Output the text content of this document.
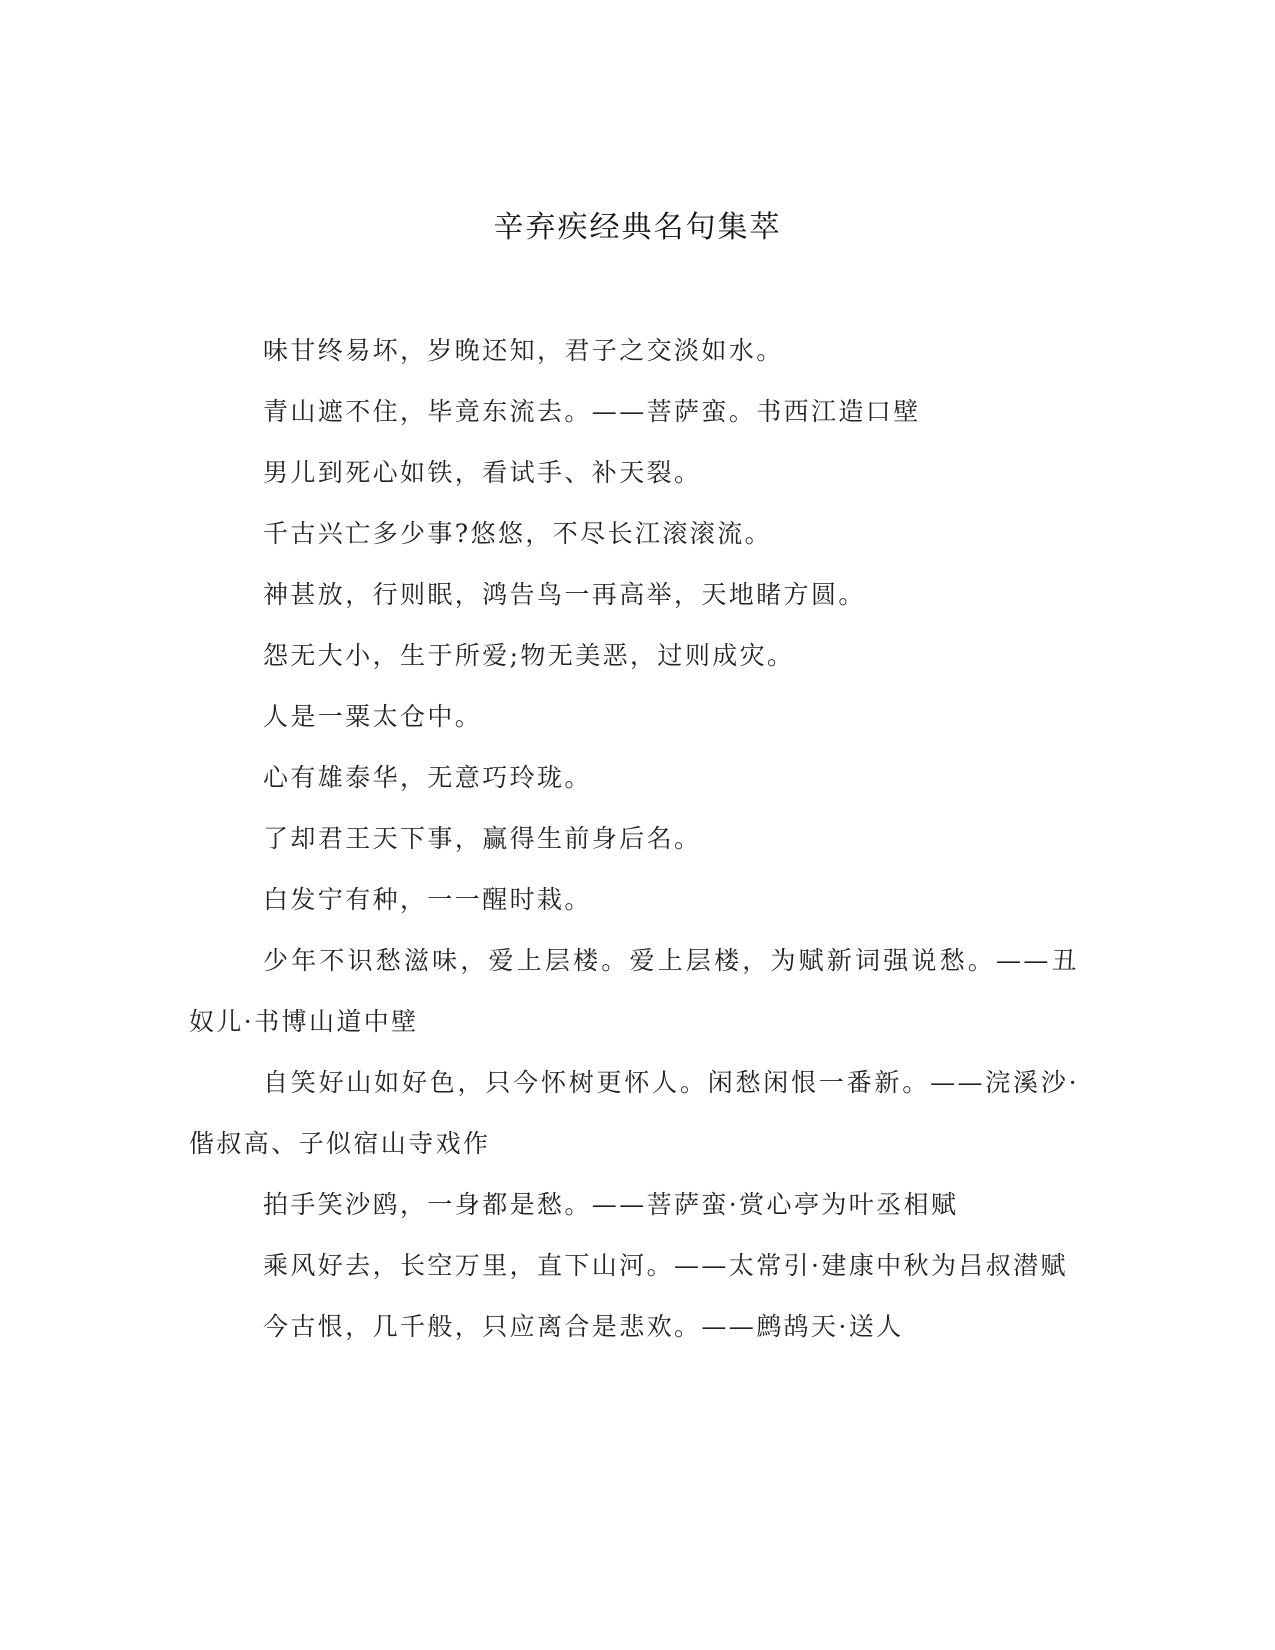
辛弃疾经典名句集萃

味甘终易坏，岁晚还知，君子之交淡如水。

青山遮不住，毕竟东流去。——菩萨蛮。书西江造口壁

男儿到死心如铁，看试手、补天裂。

千古兴亡多少事?悠悠，不尽长江滚滚流。

神甚放，行则眠，鸿告鸟一再高举，天地睹方圆。

怨无大小，生于所爱;物无美恶，过则成灾。

人是一粟太仓中。

心有雄泰华，无意巧玲珑。

了却君王天下事，赢得生前身后名。

白发宁有种，一一醒时栽。

少年不识愁滋味，爱上层楼。爱上层楼，为赋新词强说愁。——丑奴儿·书博山道中壁

自笑好山如好色，只今怀树更怀人。闲愁闲恨一番新。——浣溪沙·偕叔高、子似宿山寺戏作

拍手笑沙鸥，一身都是愁。——菩萨蛮·赏心亭为叶丞相赋

乘风好去，长空万里，直下山河。——太常引·建康中秋为吕叔潜赋

今古恨，几千般，只应离合是悲欢。——鹧鸪天·送人
